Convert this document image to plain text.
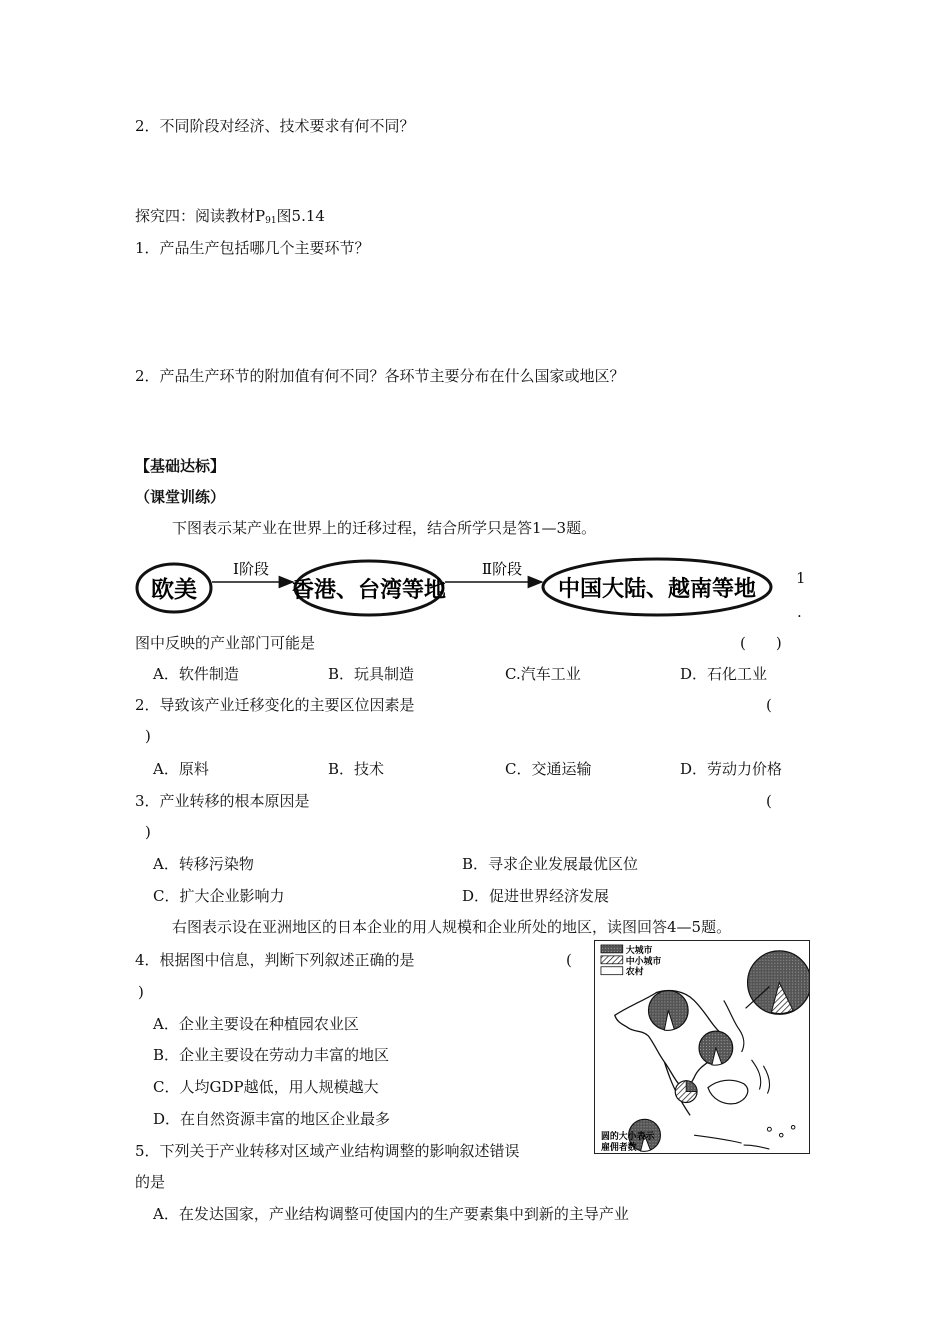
2．不同阶段对经济、技术要求有何不同？
探究四：阅读教材$P_{91}$图5.14
1．产品生产包括哪几个主要环节？
2．产品生产环节的附加值有何不同？各环节主要分布在什么国家或地区？
【基础达标】
（课堂训练）
下图表示某产业在世界上的迁移过程，结合所学只是答1—3题。
欧美
Ⅰ阶段
香港、台湾等地
Ⅱ阶段
中国大陆、越南等地	1
.
图中反映的产业部门可能是	(　　)
A．软件制造	B．玩具制造	C.汽车工业	D．石化工业
2．导致该产业迁移变化的主要区位因素是	(
)
A．原料	B．技术	C．交通运输	D．劳动力价格
3．产业转移的根本原因是	(
)
A．转移污染物	B．寻求企业发展最优区位
C．扩大企业影响力	D．促进世界经济发展
右图表示设在亚洲地区的日本企业的用人规模和企业所处的地区，读图回答4—5题。
4．根据图中信息，判断下列叙述正确的是	(
)
A．企业主要设在种植园农业区
B．企业主要设在劳动力丰富的地区
C．人均GDP越低，用人规模越大
D．在自然资源丰富的地区企业最多
5．下列关于产业转移对区域产业结构调整的影响叙述错误
的是
A．在发达国家，产业结构调整可使国内的生产要素集中到新的主导产业
大城市
中小城市
农村
圆的大小表示
雇佣者数
